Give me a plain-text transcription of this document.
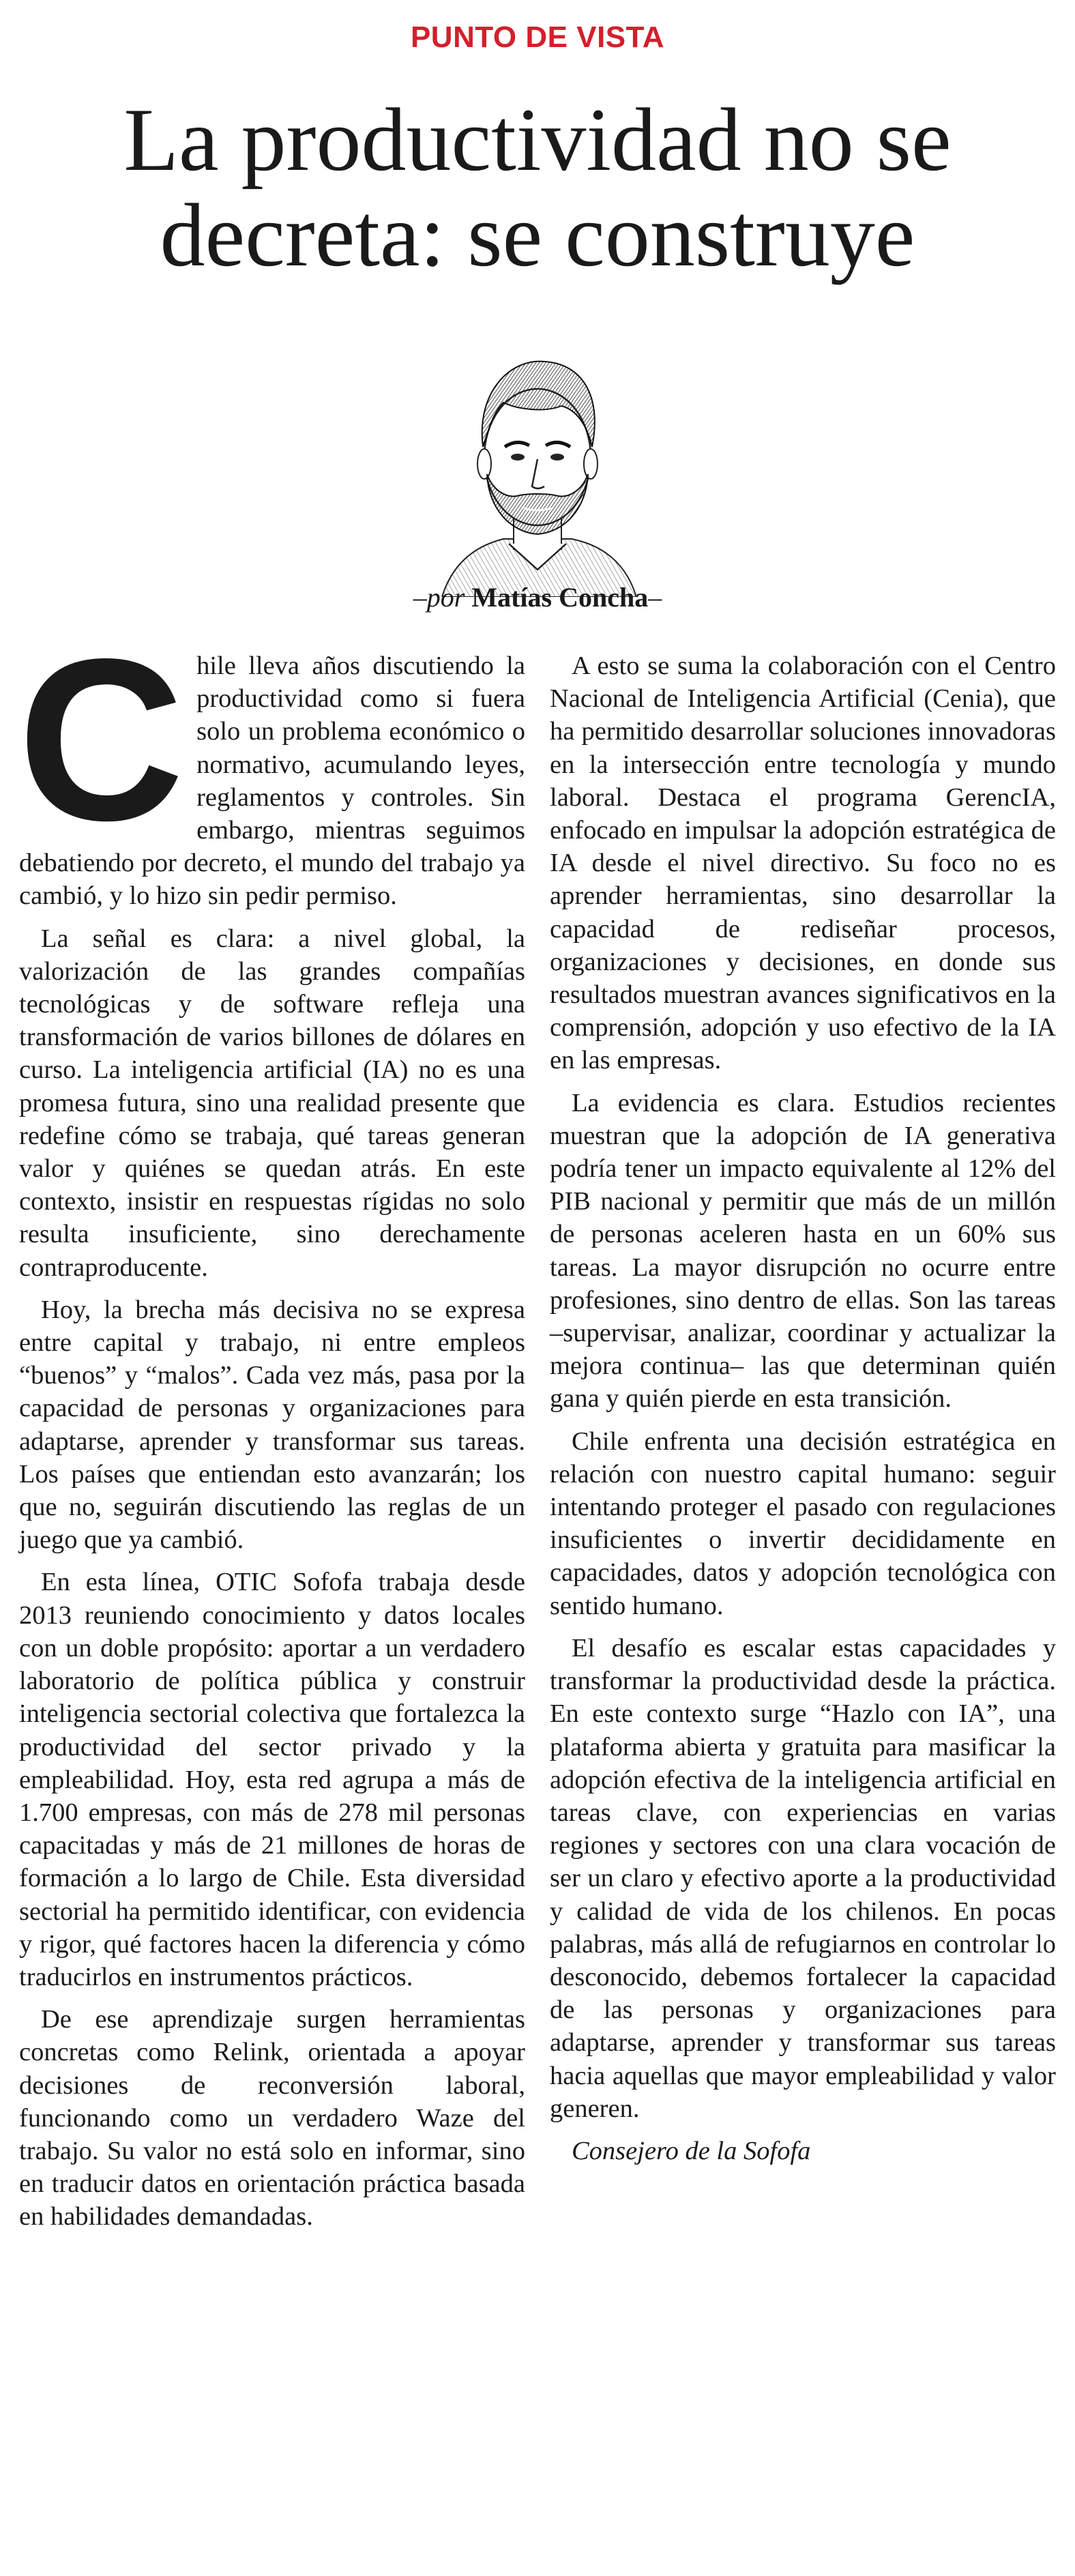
PUNTO DE VISTA
La productividad no se decreta: se construye
–por Matías Concha–

Chile lleva años discutiendo la productividad como si fuera solo un problema económico o normativo, acumulando leyes, reglamentos y controles. Sin embargo, mientras seguimos debatiendo por decreto, el mundo del trabajo ya cambió, y lo hizo sin pedir permiso.

La señal es clara: a nivel global, la valorización de las grandes compañías tecnológicas y de software refleja una transformación de varios billones de dólares en curso. La inteligencia artificial (IA) no es una promesa futura, sino una realidad presente que redefine cómo se trabaja, qué tareas generan valor y quiénes se quedan atrás. En este contexto, insistir en respuestas rígidas no solo resulta insuficiente, sino derechamente contraproducente.

Hoy, la brecha más decisiva no se expresa entre capital y trabajo, ni entre empleos “buenos” y “malos”. Cada vez más, pasa por la capacidad de personas y organizaciones para adaptarse, aprender y transformar sus tareas. Los países que entiendan esto avanzarán; los que no, seguirán discutiendo las reglas de un juego que ya cambió.

En esta línea, OTIC Sofofa trabaja desde 2013 reuniendo conocimiento y datos locales con un doble propósito: aportar a un verdadero laboratorio de política pública y construir inteligencia sectorial colectiva que fortalezca la productividad del sector privado y la empleabilidad. Hoy, esta red agrupa a más de 1.700 empresas, con más de 278 mil personas capacitadas y más de 21 millones de horas de formación a lo largo de Chile. Esta diversidad sectorial ha permitido identificar, con evidencia y rigor, qué factores hacen la diferencia y cómo traducirlos en instrumentos prácticos.

De ese aprendizaje surgen herramientas concretas como Relink, orientada a apoyar decisiones de reconversión laboral, funcionando como un verdadero Waze del trabajo. Su valor no está solo en informar, sino en traducir datos en orientación práctica basada en habilidades demandadas.

A esto se suma la colaboración con el Centro Nacional de Inteligencia Artificial (Cenia), que ha permitido desarrollar soluciones innovadoras en la intersección entre tecnología y mundo laboral. Destaca el programa GerencIA, enfocado en impulsar la adopción estratégica de IA desde el nivel directivo. Su foco no es aprender herramientas, sino desarrollar la capacidad de rediseñar procesos, organizaciones y decisiones, en donde sus resultados muestran avances significativos en la comprensión, adopción y uso efectivo de la IA en las empresas.

La evidencia es clara. Estudios recientes muestran que la adopción de IA generativa podría tener un impacto equivalente al 12% del PIB nacional y permitir que más de un millón de personas aceleren hasta en un 60% sus tareas. La mayor disrupción no ocurre entre profesiones, sino dentro de ellas. Son las tareas –supervisar, analizar, coordinar y actualizar la mejora continua– las que determinan quién gana y quién pierde en esta transición.

Chile enfrenta una decisión estratégica en relación con nuestro capital humano: seguir intentando proteger el pasado con regulaciones insuficientes o invertir decididamente en capacidades, datos y adopción tecnológica con sentido humano.

El desafío es escalar estas capacidades y transformar la productividad desde la práctica. En este contexto surge “Hazlo con IA”, una plataforma abierta y gratuita para masificar la adopción efectiva de la inteligencia artificial en tareas clave, con experiencias en varias regiones y sectores con una clara vocación de ser un claro y efectivo aporte a la productividad y calidad de vida de los chilenos. En pocas palabras, más allá de refugiarnos en controlar lo desconocido, debemos fortalecer la capacidad de las personas y organizaciones para adaptarse, aprender y transformar sus tareas hacia aquellas que mayor empleabilidad y valor generen.

Consejero de la Sofofa
